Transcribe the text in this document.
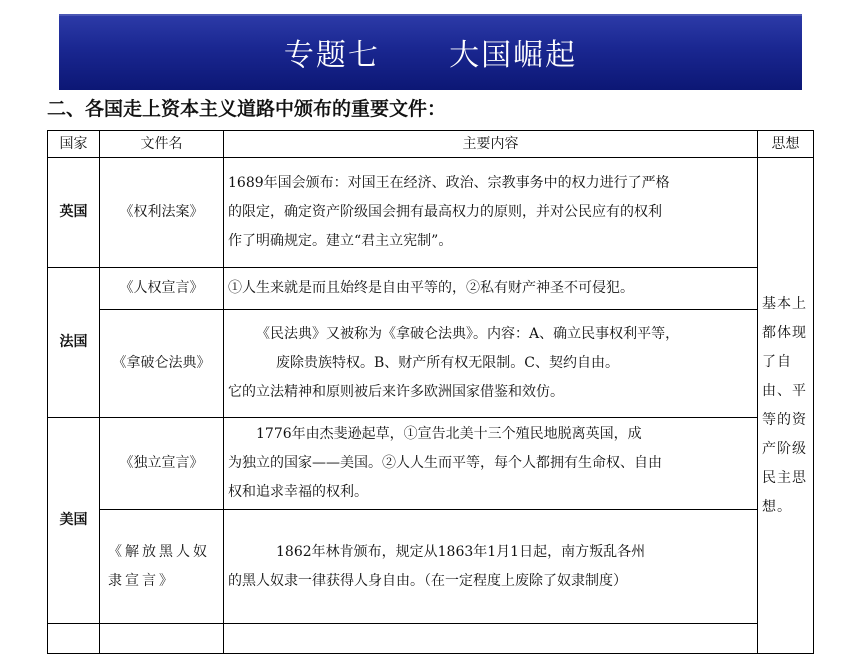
专题七      大国崛起
二、各国走上资本主义道路中颁布的重要文件：
国家	文件名	主要内容	思想
英国	《权利法案》	1689年国会颁布：对国王在经济、政治、宗教事务中的权力进行了严格
的限定，确定资产阶级国会拥有最高权力的原则，并对公民应有的权利
作了明确规定。建立“君主立宪制”。	基本上都体现了自由、平等的资产阶级民主思想。
法国	《人权宣言》	①人生来就是而且始终是自由平等的，②私有财产神圣不可侵犯。	

	《拿破仑法典》	《民法典》又被称为《拿破仑法典》。内容：A、确立民事权利平等，
废除贵族特权。B、财产所有权无限制。C、契约自由。
它的立法精神和原则被后来许多欧洲国家借鉴和效仿。	

美国	《独立宣言》	1776年由杰斐逊起草，①宣告北美十三个殖民地脱离英国，成
为独立的国家——美国。②人人生而平等，每个人都拥有生命权、自由
权和追求幸福的权利。	

	《解放黑人奴隶宣言》	1862年林肯颁布，规定从1863年1月1日起，南方叛乱各州
的黑人奴隶一律获得人身自由。（在一定程度上废除了奴隶制度）	
